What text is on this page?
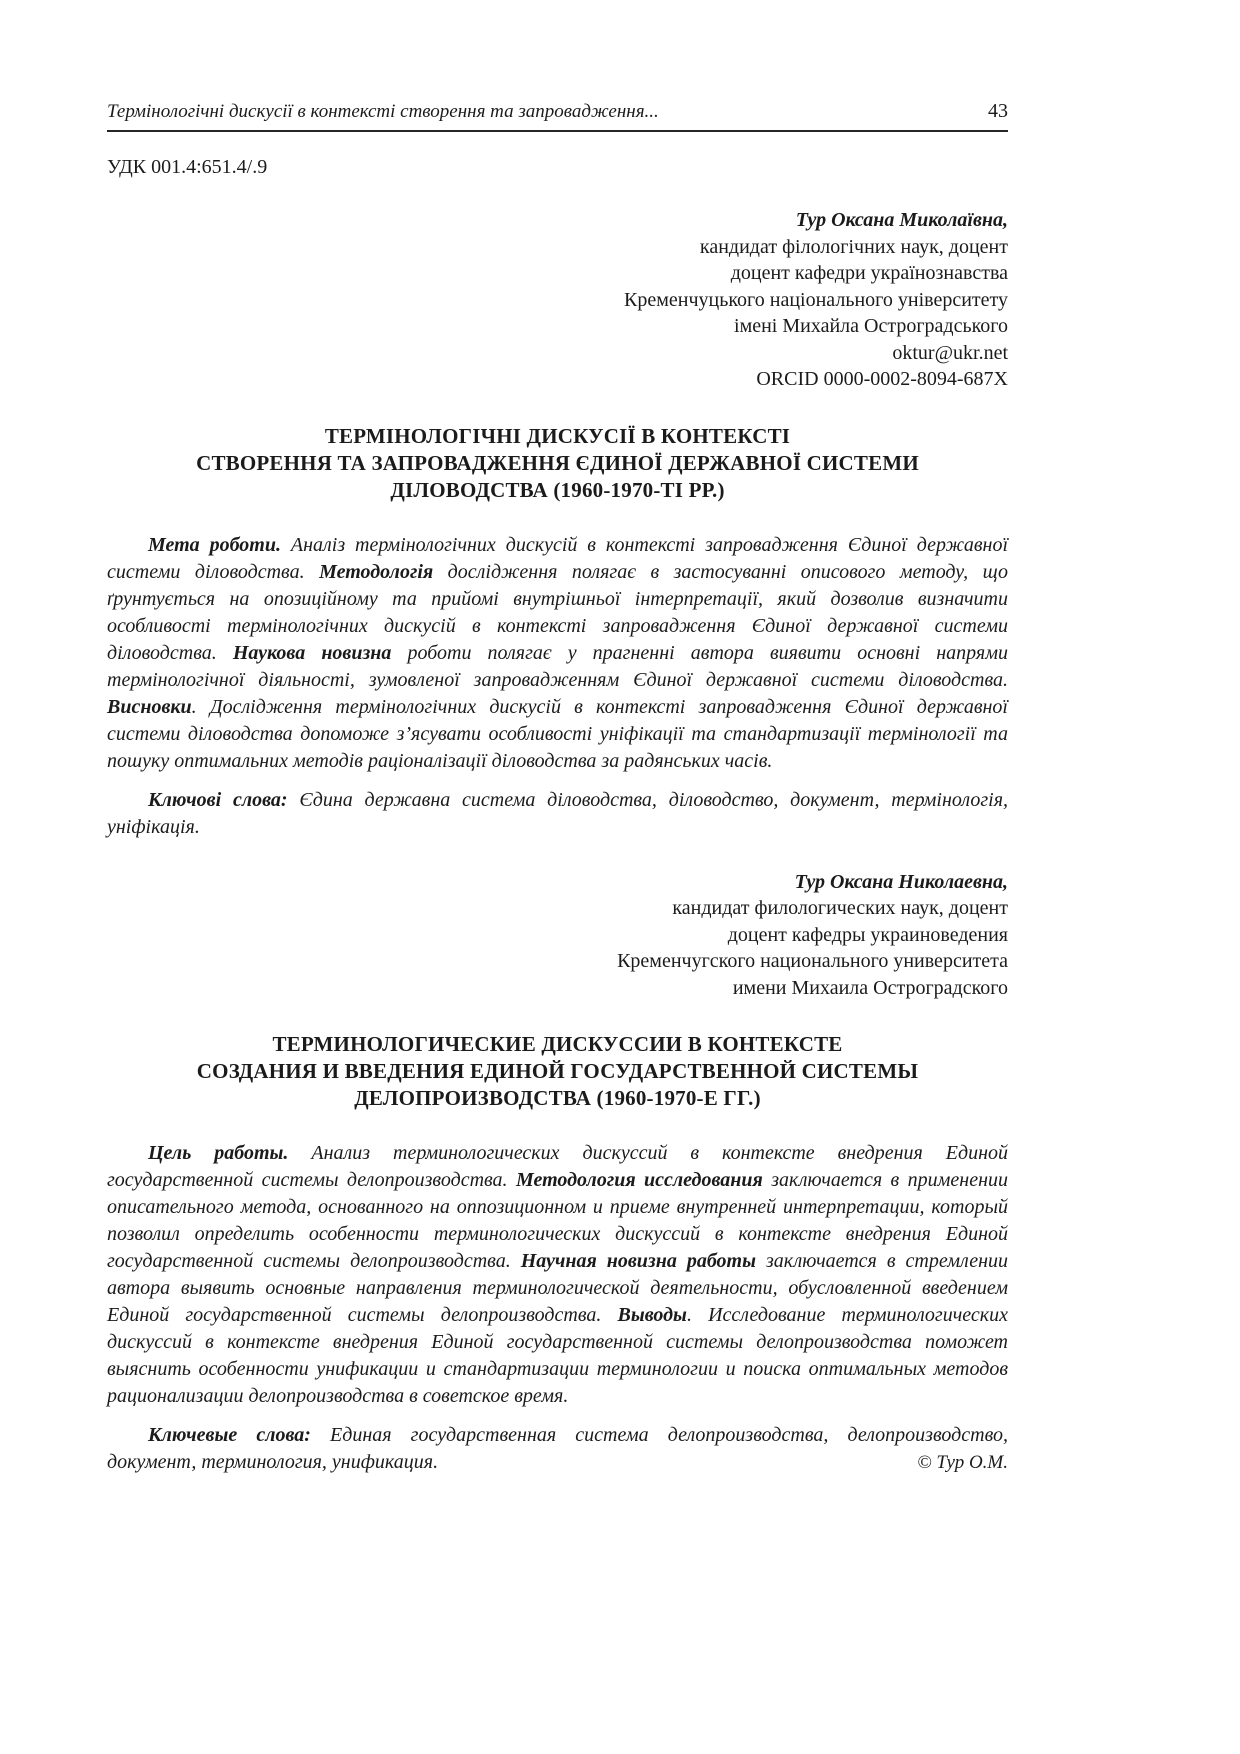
Термінологічні дискусії в контексті створення та запровадження...	43
УДК 001.4:651.4/.9
Тур Оксана Миколаївна,
кандидат філологічних наук, доцент
доцент кафедри українознавства
Кременчуцького національного університету
імені Михайла Остроградського
oktur@ukr.net
ORCID 0000-0002-8094-687X
ТЕРМІНОЛОГІЧНІ ДИСКУСІЇ В КОНТЕКСТІ
СТВОРЕННЯ ТА ЗАПРОВАДЖЕННЯ ЄДИНОЇ ДЕРЖАВНОЇ СИСТЕМИ
ДІЛОВОДСТВА (1960-1970-ТІ РР.)

Мета роботи. Аналіз термінологічних дискусій в контексті запровадження Єдиної державної системи діловодства. Методологія дослідження полягає в застосуванні описового методу, що ґрунтується на опозиційному та прийомі внутрішньої інтерпретації, який дозволив визначити особливості термінологічних дискусій в контексті запровадження Єдиної державної системи діловодства. Наукова новизна роботи полягає у прагненні автора виявити основні напрями термінологічної діяльності, зумовленої запровадженням Єдиної державної системи діловодства. Висновки. Дослідження термінологічних дискусій в контексті запровадження Єдиної державної системи діловодства допоможе з’ясувати особливості уніфікації та стандартизації термінології та пошуку оптимальних методів раціоналізації діловодства за радянських часів.

Ключові слова: Єдина державна система діловодства, діловодство, документ, термінологія, уніфікація.

Тур Оксана Николаевна,
кандидат филологических наук, доцент
доцент кафедры украиноведения
Кременчугского национального университета
имени Михаила Остроградского
ТЕРМИНОЛОГИЧЕСКИЕ ДИСКУССИИ В КОНТЕКСТЕ
СОЗДАНИЯ И ВВЕДЕНИЯ ЕДИНОЙ ГОСУДАРСТВЕННОЙ СИСТЕМЫ
ДЕЛОПРОИЗВОДСТВА (1960-1970-Е ГГ.)

Цель работы. Анализ терминологических дискуссий в контексте внедрения Единой государственной системы делопроизводства. Методология исследования заключается в применении описательного метода, основанного на оппозиционном и приеме внутренней интерпретации, который позволил определить особенности терминологических дискуссий в контексте внедрения Единой государственной системы делопроизводства. Научная новизна работы заключается в стремлении автора выявить основные направления терминологической деятельности, обусловленной введением Единой государственной системы делопроизводства. Выводы. Исследование терминологических дискуссий в контексте внедрения Единой государственной системы делопроизводства поможет выяснить особенности унификации и стандартизации терминологии и поиска оптимальных методов рационализации делопроизводства в советское время.

Ключевые слова: Единая государственная система делопроизводства, делопроизводство, документ, терминология, унификация.	© Тур О.М.
